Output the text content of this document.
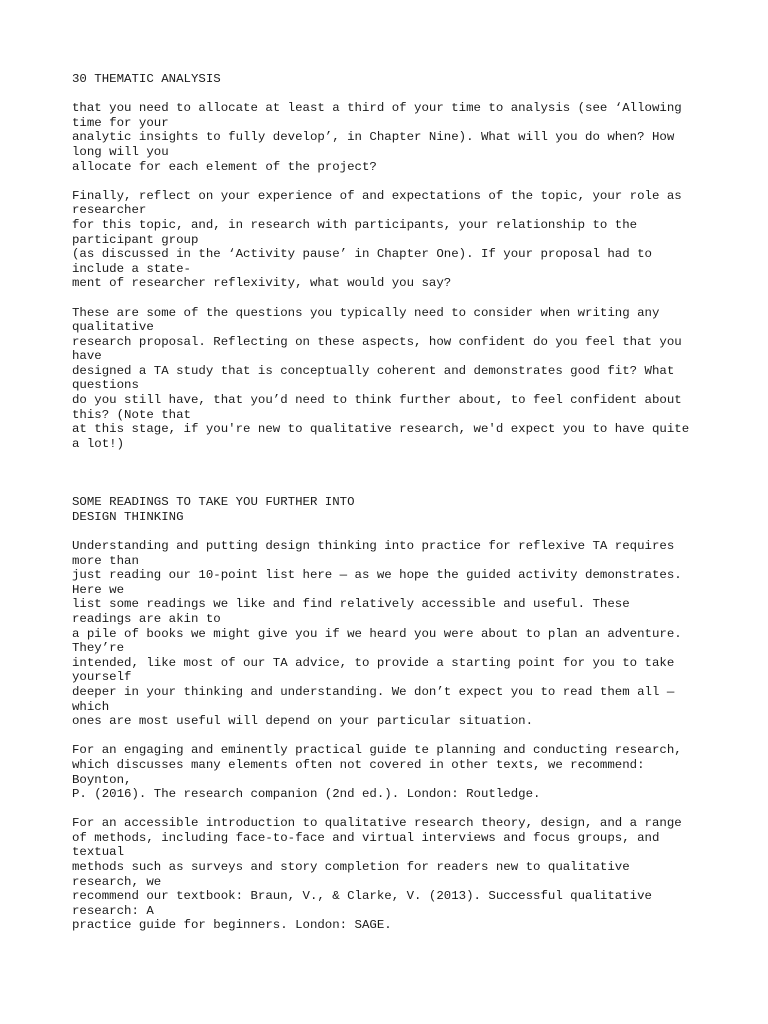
30 THEMATIC ANALYSIS
that you need to allocate at least a third of your time to analysis (see ‘Allowing
time for your
analytic insights to fully develop’, in Chapter Nine). What will you do when? How
long will you
allocate for each element of the project?
Finally, reflect on your experience of and expectations of the topic, your role as
researcher
for this topic, and, in research with participants, your relationship to the
participant group
(as discussed in the ‘Activity pause’ in Chapter One). If your proposal had to
include a state-
ment of researcher reflexivity, what would you say?
These are some of the questions you typically need to consider when writing any
qualitative
research proposal. Reflecting on these aspects, how confident do you feel that you
have
designed a TA study that is conceptually coherent and demonstrates good fit? What
questions
do you still have, that you’d need to think further about, to feel confident about
this? (Note that
at this stage, if you're new to qualitative research, we'd expect you to have quite
a lot!)
SOME READINGS TO TAKE YOU FURTHER INTO
DESIGN THINKING
Understanding and putting design thinking into practice for reflexive TA requires
more than
just reading our 10-point list here — as we hope the guided activity demonstrates.
Here we
list some readings we like and find relatively accessible and useful. These
readings are akin to
a pile of books we might give you if we heard you were about to plan an adventure.
They’re
intended, like most of our TA advice, to provide a starting point for you to take
yourself
deeper in your thinking and understanding. We don’t expect you to read them all —
which
ones are most useful will depend on your particular situation.
For an engaging and eminently practical guide te planning and conducting research,
which discusses many elements often not covered in other texts, we recommend:
Boynton,
P. (2016). The research companion (2nd ed.). London: Routledge.
For an accessible introduction to qualitative research theory, design, and a range
of methods, including face-to-face and virtual interviews and focus groups, and
textual
methods such as surveys and story completion for readers new to qualitative
research, we
recommend our textbook: Braun, V., & Clarke, V. (2013). Successful qualitative
research: A
practice guide for beginners. London: SAGE.
